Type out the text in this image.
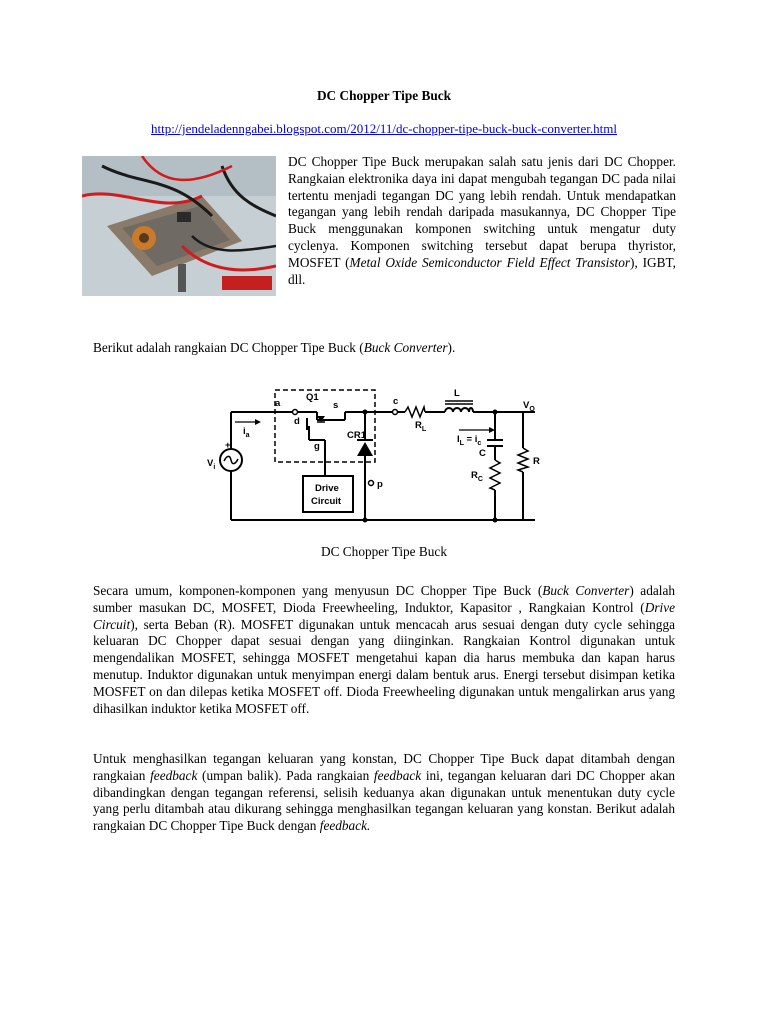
DC Chopper Tipe Buck
http://jendeladenngabei.blogspot.com/2012/11/dc-chopper-tipe-buck-buck-converter.html
DC Chopper Tipe Buck merupakan salah satu jenis dari DC Chopper. Rangkaian elektronika daya ini dapat mengubah tegangan DC pada nilai tertentu menjadi tegangan DC yang lebih rendah. Untuk mendapatkan tegangan yang lebih rendah daripada masukannya, DC Chopper Tipe Buck menggunakan komponen switching untuk mengatur duty cyclenya. Komponen switching tersebut dapat berupa thyristor, MOSFET (Metal Oxide Semiconductor Field Effect Transistor), IGBT, dll.
Berikut adalah rangkaian DC Chopper Tipe Buck (Buck Converter).
a
Q1
d
s
g
CR1
c
$R_L$
L
$V_O$
$i_a$	$I_L = i_c$
C
$R_C$
R
$V_i$
+
p
Drive
Circuit
DC Chopper Tipe Buck
Secara umum, komponen-komponen yang menyusun DC Chopper Tipe Buck (Buck Converter) adalah sumber masukan DC, MOSFET, Dioda Freewheeling, Induktor, Kapasitor , Rangkaian Kontrol (Drive Circuit), serta Beban (R). MOSFET digunakan untuk mencacah arus sesuai dengan duty cycle sehingga keluaran DC Chopper dapat sesuai dengan yang diinginkan. Rangkaian Kontrol digunakan untuk mengendalikan MOSFET, sehingga MOSFET mengetahui kapan dia harus membuka dan kapan harus menutup. Induktor digunakan untuk menyimpan energi dalam bentuk arus. Energi tersebut disimpan ketika MOSFET on dan dilepas ketika MOSFET off. Dioda Freewheeling digunakan untuk mengalirkan arus yang dihasilkan induktor ketika MOSFET off.
Untuk menghasilkan tegangan keluaran yang konstan, DC Chopper Tipe Buck dapat ditambah dengan rangkaian feedback (umpan balik). Pada rangkaian feedback ini, tegangan keluaran dari DC Chopper akan dibandingkan dengan tegangan referensi, selisih keduanya akan digunakan untuk menentukan duty cycle yang perlu ditambah atau dikurang sehingga menghasilkan tegangan keluaran yang konstan. Berikut adalah rangkaian DC Chopper Tipe Buck dengan feedback.
